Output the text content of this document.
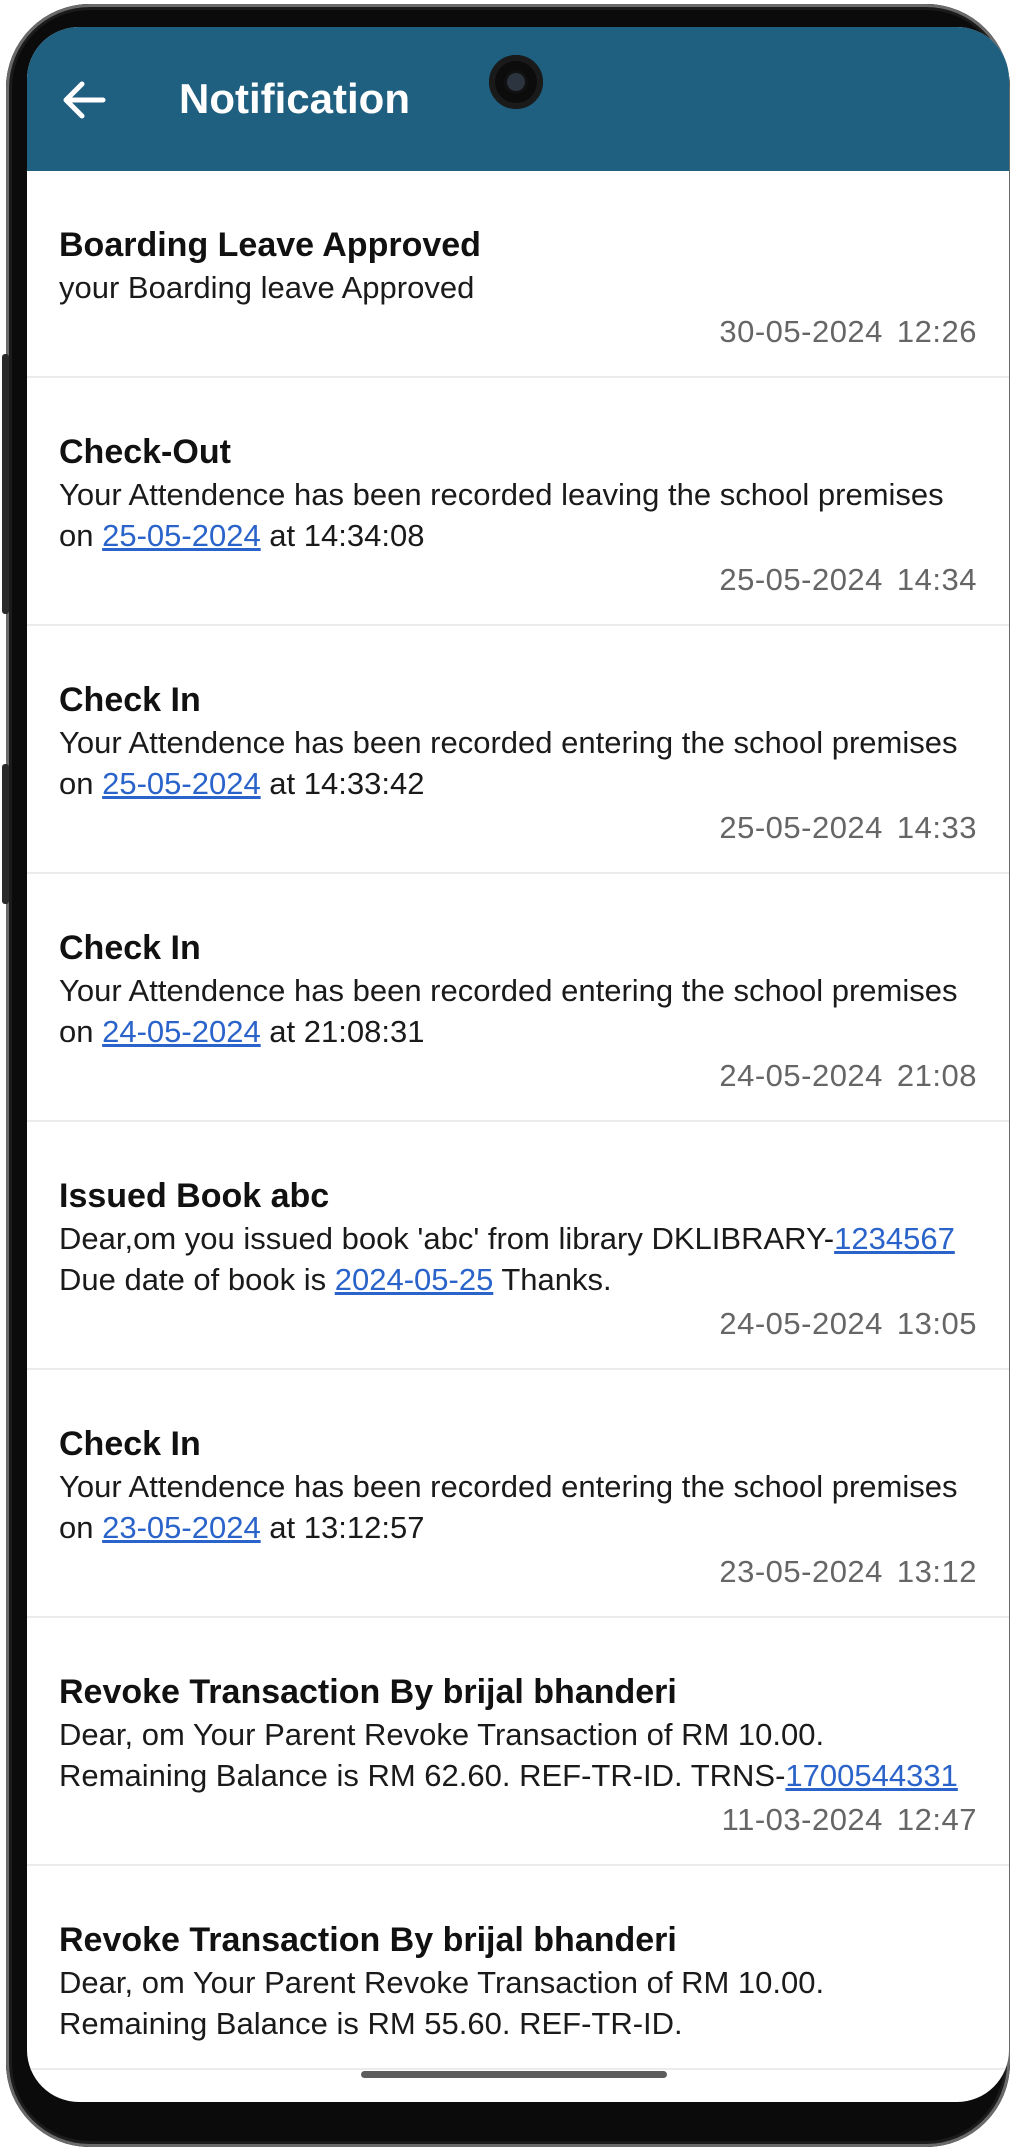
Notification
Boarding Leave Approved
your Boarding leave Approved
30-05-2024 12:26
Check-Out
Your Attendence has been recorded leaving the school premises on 25-05-2024 at 14:34:08
25-05-2024 14:34
Check In
Your Attendence has been recorded entering the school premises on 25-05-2024 at 14:33:42
25-05-2024 14:33
Check In
Your Attendence has been recorded entering the school premises on 24-05-2024 at 21:08:31
24-05-2024 21:08
Issued Book abc
Dear,om you issued book 'abc' from library DKLIBRARY-1234567 Due date of book is 2024-05-25 Thanks.
24-05-2024 13:05
Check In
Your Attendence has been recorded entering the school premises on 23-05-2024 at 13:12:57
23-05-2024 13:12
Revoke Transaction By brijal bhanderi
Dear, om Your Parent Revoke Transaction of RM 10.00. Remaining Balance is RM 62.60. REF-TR-ID. TRNS-1700544331
11-03-2024 12:47
Revoke Transaction By brijal bhanderi
Dear, om Your Parent Revoke Transaction of RM 10.00. Remaining Balance is RM 55.60. REF-TR-ID.
